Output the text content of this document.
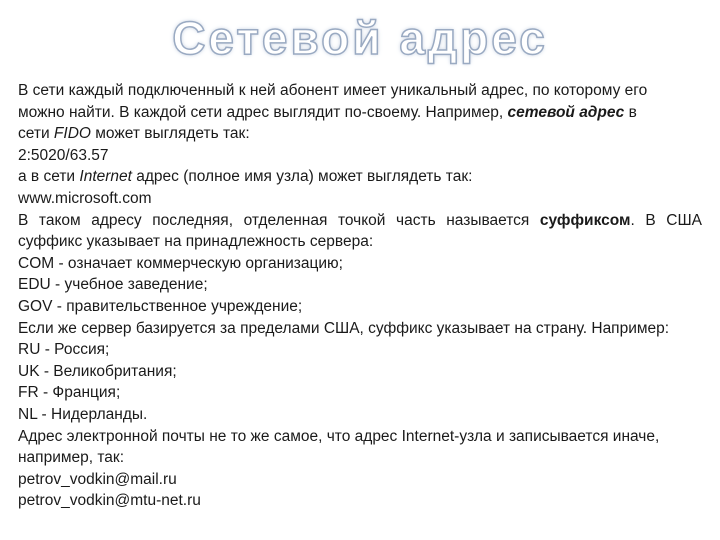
Сетевой адрес
В сети каждый подключенный к ней абонент имеет уникальный адрес, по которому его
можно найти. В каждой сети адрес выглядит по-своему. Например, сетевой адрес в
сети FIDO может выглядеть так:
2:5020/63.57
а в сети Internet адрес (полное имя узла) может выглядеть так:
www.microsoft.com
В таком адресу последняя, отделенная точкой часть называется суффиксом. В США
суффикс указывает на принадлежность сервера:
COM - означает коммерческую организацию;
EDU - учебное заведение;
GOV - правительственное учреждение;
Если же сервер базируется за пределами США, суффикс указывает на страну. Например:
RU - Россия;
UK - Великобритания;
FR - Франция;
NL - Нидерланды.
Адрес электронной почты не то же самое, что адрес Internet-узла и записывается иначе,
например, так:
petrov_vodkin@mail.ru
petrov_vodkin@mtu-net.ru
